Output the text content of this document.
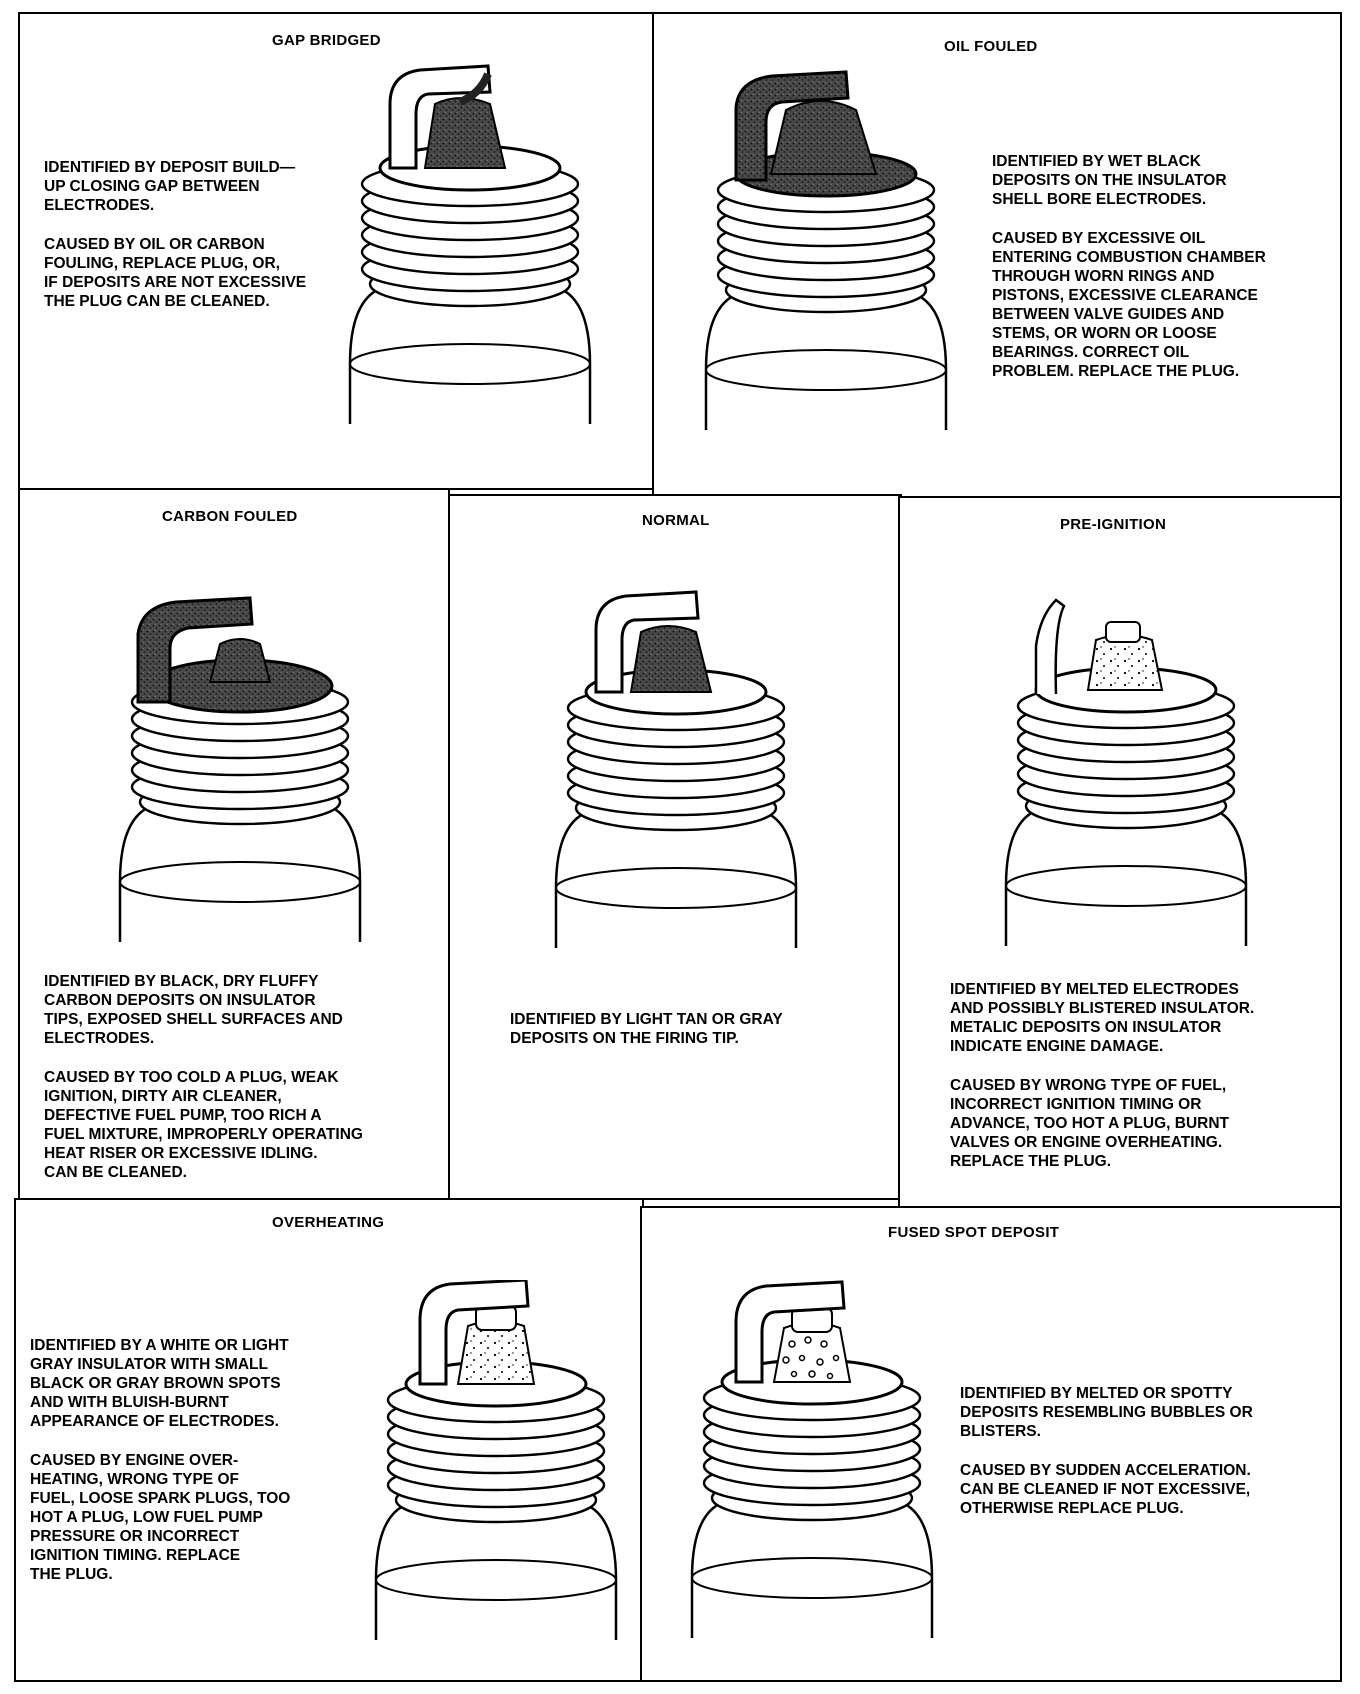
GAP BRIDGED

IDENTIFIED BY DEPOSIT BUILD—
UP CLOSING GAP BETWEEN
ELECTRODES.

CAUSED BY OIL OR CARBON
FOULING, REPLACE PLUG, OR,
IF DEPOSITS ARE NOT EXCESSIVE
THE PLUG CAN BE CLEANED.

OIL FOULED

IDENTIFIED BY WET BLACK
DEPOSITS ON THE INSULATOR
SHELL BORE ELECTRODES.

CAUSED BY EXCESSIVE OIL
ENTERING COMBUSTION CHAMBER
THROUGH WORN RINGS AND
PISTONS, EXCESSIVE CLEARANCE
BETWEEN VALVE GUIDES AND
STEMS, OR WORN OR LOOSE
BEARINGS. CORRECT OIL
PROBLEM. REPLACE THE PLUG.

CARBON FOULED

IDENTIFIED BY BLACK, DRY FLUFFY
CARBON DEPOSITS ON INSULATOR
TIPS, EXPOSED SHELL SURFACES AND
ELECTRODES.

CAUSED BY TOO COLD A PLUG, WEAK
IGNITION, DIRTY AIR CLEANER,
DEFECTIVE FUEL PUMP, TOO RICH A
FUEL MIXTURE, IMPROPERLY OPERATING
HEAT RISER OR EXCESSIVE IDLING.
CAN BE CLEANED.

NORMAL

IDENTIFIED BY LIGHT TAN OR GRAY
DEPOSITS ON THE FIRING TIP.

PRE-IGNITION

IDENTIFIED BY MELTED ELECTRODES
AND POSSIBLY BLISTERED INSULATOR.
METALIC DEPOSITS ON INSULATOR
INDICATE ENGINE DAMAGE.

CAUSED BY WRONG TYPE OF FUEL,
INCORRECT IGNITION TIMING OR
ADVANCE, TOO HOT A PLUG, BURNT
VALVES OR ENGINE OVERHEATING.
REPLACE THE PLUG.

OVERHEATING

IDENTIFIED BY A WHITE OR LIGHT
GRAY INSULATOR WITH SMALL
BLACK OR GRAY BROWN SPOTS
AND WITH BLUISH-BURNT
APPEARANCE OF ELECTRODES.

CAUSED BY ENGINE OVER-
HEATING, WRONG TYPE OF
FUEL, LOOSE SPARK PLUGS, TOO
HOT A PLUG, LOW FUEL PUMP
PRESSURE OR INCORRECT
IGNITION TIMING. REPLACE
THE PLUG.

FUSED SPOT DEPOSIT

IDENTIFIED BY MELTED OR SPOTTY
DEPOSITS RESEMBLING BUBBLES OR
BLISTERS.

CAUSED BY SUDDEN ACCELERATION.
CAN BE CLEANED IF NOT EXCESSIVE,
OTHERWISE REPLACE PLUG.
